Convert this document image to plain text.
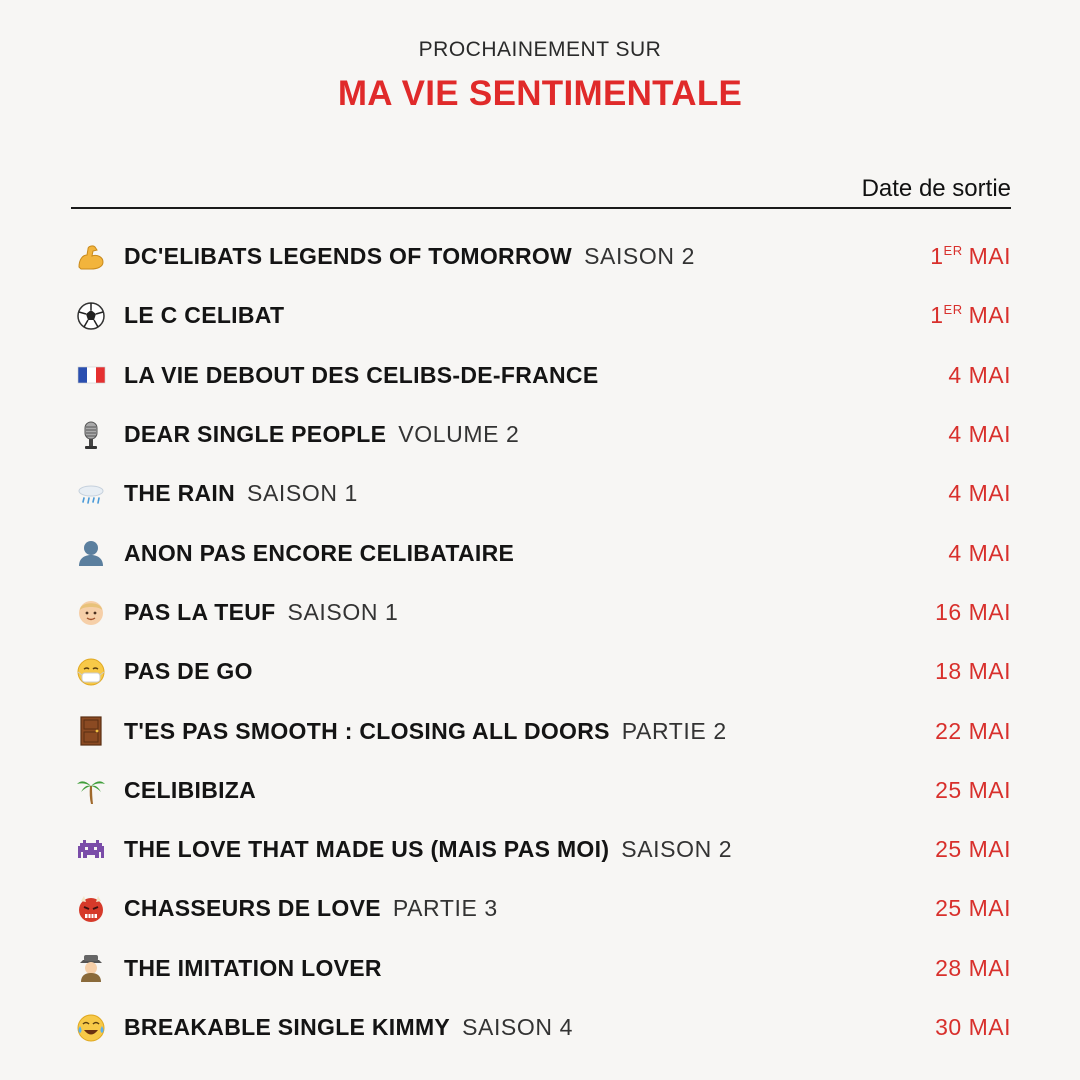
PROCHAINEMENT SUR
MA VIE SENTIMENTALE
Date de sortie
DC'ELIBATS LEGENDS OF TOMORROW SAISON 2	1ER MAI
LE C CELIBAT	1ER MAI
LA VIE DEBOUT DES CELIBS-DE-FRANCE	4 MAI
DEAR SINGLE PEOPLE VOLUME 2	4 MAI
THE RAIN SAISON 1	4 MAI
ANON PAS ENCORE CELIBATAIRE	4 MAI
PAS LA TEUF SAISON 1	16 MAI
PAS DE GO	18 MAI
T'ES PAS SMOOTH : CLOSING ALL DOORS PARTIE 2	22 MAI
CELIBIBIZA	25 MAI
THE LOVE THAT MADE US (MAIS PAS MOI) SAISON 2	25 MAI
CHASSEURS DE LOVE PARTIE 3	25 MAI
THE IMITATION LOVER	28 MAI
BREAKABLE SINGLE KIMMY SAISON 4	30 MAI
